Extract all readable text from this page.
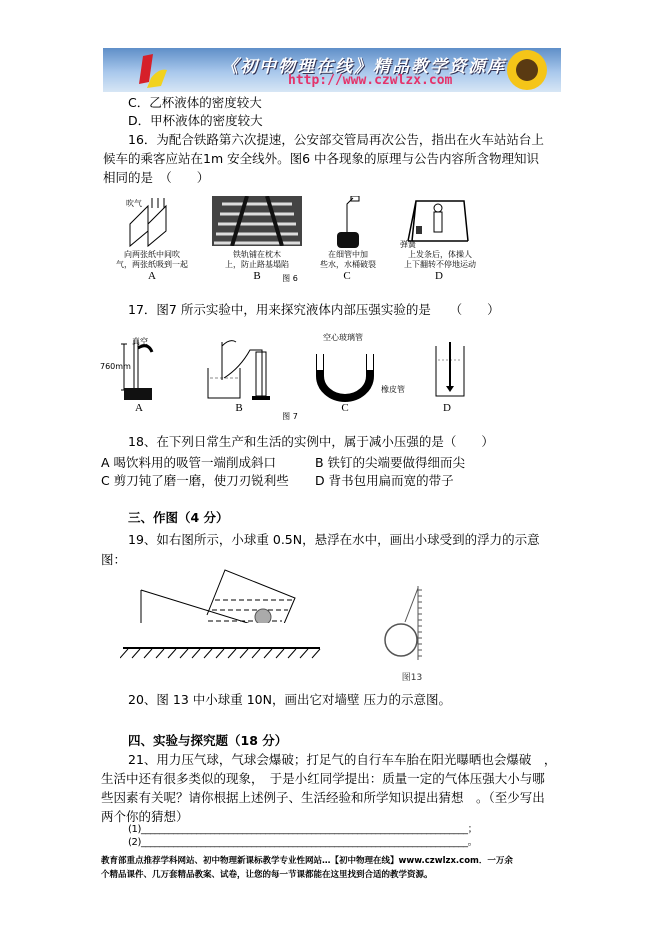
《初中物理在线》精品教学资源库
http://www.czwlzx.com
C．乙杯液体的密度较大
D．甲杯液体的密度较大
16．为配合铁路第六次提速，公安部交管局再次公告，指出在火车站站台上
候车的乘客应站在1m 安全线外。图6 中各现象的原理与公告内容所含物理知识
相同的是　（　　）
吹气
向两张纸中间吹
气，两张纸吸到一起
A
铁轨铺在枕木
上，防止路基塌陷
B
在细管中加
些水，水桶破裂
C
弹簧
上发条后，体操人
上下翻转不停地运动
D
图 6
17．图7 所示实验中，用来探究液体内部压强实验的是　　（　　）
真空
760mm
A	B
空心玻璃管
橡皮管
C	D
图 7
18、在下列日常生产和生活的实例中，属于减小压强的是（　　）
A 喝饮料用的吸管一端削成斜口	B 铁钉的尖端要做得细而尖
C 剪刀钝了磨一磨，使刀刃锐利些 D 背书包用扁而宽的带子
三、作图（4 分）
19、如右图所示，小球重 0.5N，悬浮在水中，画出小球受到的浮力的示意
图：
图13
20、图 13 中小球重 10N，画出它对墙壁 压力的示意图。
四、实验与探究题（18 分）
21、用力压气球，气球会爆破；打足气的自行车车胎在阳光曝晒也会爆破　，
生活中还有很多类似的现象，　于是小红同学提出：质量一定的气体压强大小与哪
些因素有关呢？请你根据上述例子、生活经验和所学知识提出猜想　。（至少写出
两个你的猜想）
(1)_______________________________________________________________________；
(2)_______________________________________________________________________。
教育部重点推荐学科网站、初中物理新课标教学专业性网站…【初中物理在线】www.czwlzx.com．一万余
个精品课件、几万套精品教案、试卷，让您的每一节课都能在这里找到合适的教学资源。
